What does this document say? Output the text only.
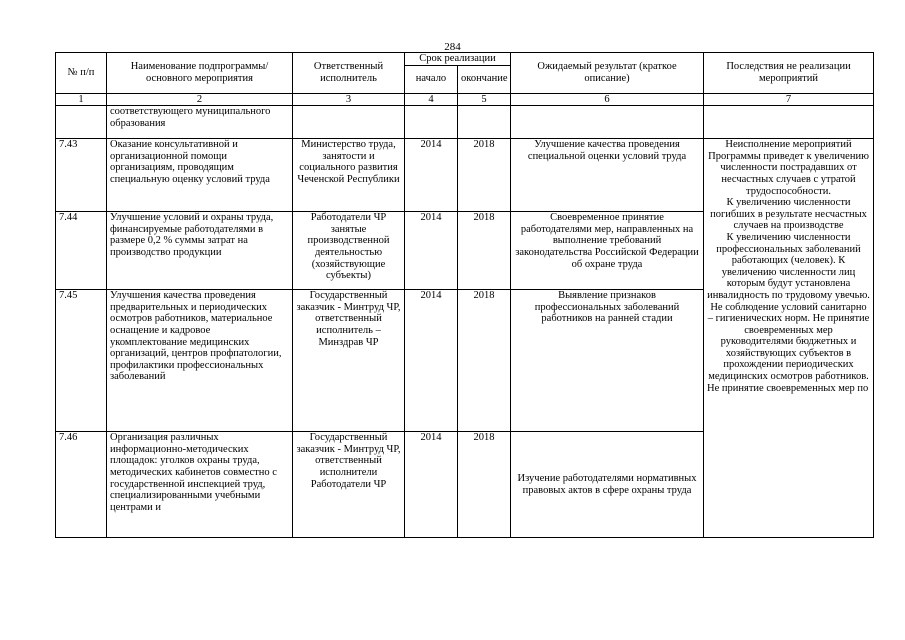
284
№ п/п	Наименование подпрограммы/ основного мероприятия	Ответственный исполнитель	Срок реализации		Ожидаемый результат (краткое описание)	Последствия не реализации мероприятий
			начало	окончание		
1	2	3	4	5	6	7
	соответствующего муниципального образования					
7.43	Оказание консультативной и организационной помощи организациям, проводящим специальную оценку условий труда	Министерство труда, занятости и социального развития Чеченской Республики	2014	2018	Улучшение качества проведения специальной оценки условий труда	Неисполнение мероприятий Программы приведет к увеличению численности пострадавших от несчастных случаев с утратой трудоспособности.
К увеличению численности погибших в результате несчастных случаев на производстве
К увеличению численности профессиональных заболеваний работающих (человек). К увеличению численности лиц которым будут установлена инвалидность по трудовому увечью. Не соблюдение условий санитарно – гигиенических норм. Не принятие своевременных мер руководителями бюджетных и хозяйствующих субъектов в прохождении периодических медицинских осмотров работников.
Не принятие своевременных мер по

7.44	Улучшение условий и охраны труда, финансируемые работодателями в размере 0,2 % суммы затрат на производство продукции	Работодатели ЧР занятые производственной деятельностью (хозяйствующие субъекты)	2014	2018	Своевременное принятие работодателями мер, направленных на выполнение требований законодательства Российской Федерации об охране труда	
7.45	Улучшения качества проведения предварительных и периодических осмотров работников, материальное оснащение и кадровое укомплектование медицинских организаций, центров профпатологии, профилактики профессиональных заболеваний	Государственный заказчик - Минтруд ЧР, ответственный исполнитель – Минздрав ЧР	2014	2018	Выявление признаков профессиональных заболеваний работников на ранней стадии	
7.46	Организация различных информационно-методических площадок: уголков охраны труда, методических кабинетов совместно с государственной инспекцией труд, специализированными учебными центрами и	Государственный заказчик - Минтруд ЧР, ответственный исполнители Работодатели ЧР	2014	2018	Изучение работодателями нормативных правовых актов в сфере охраны труда	
